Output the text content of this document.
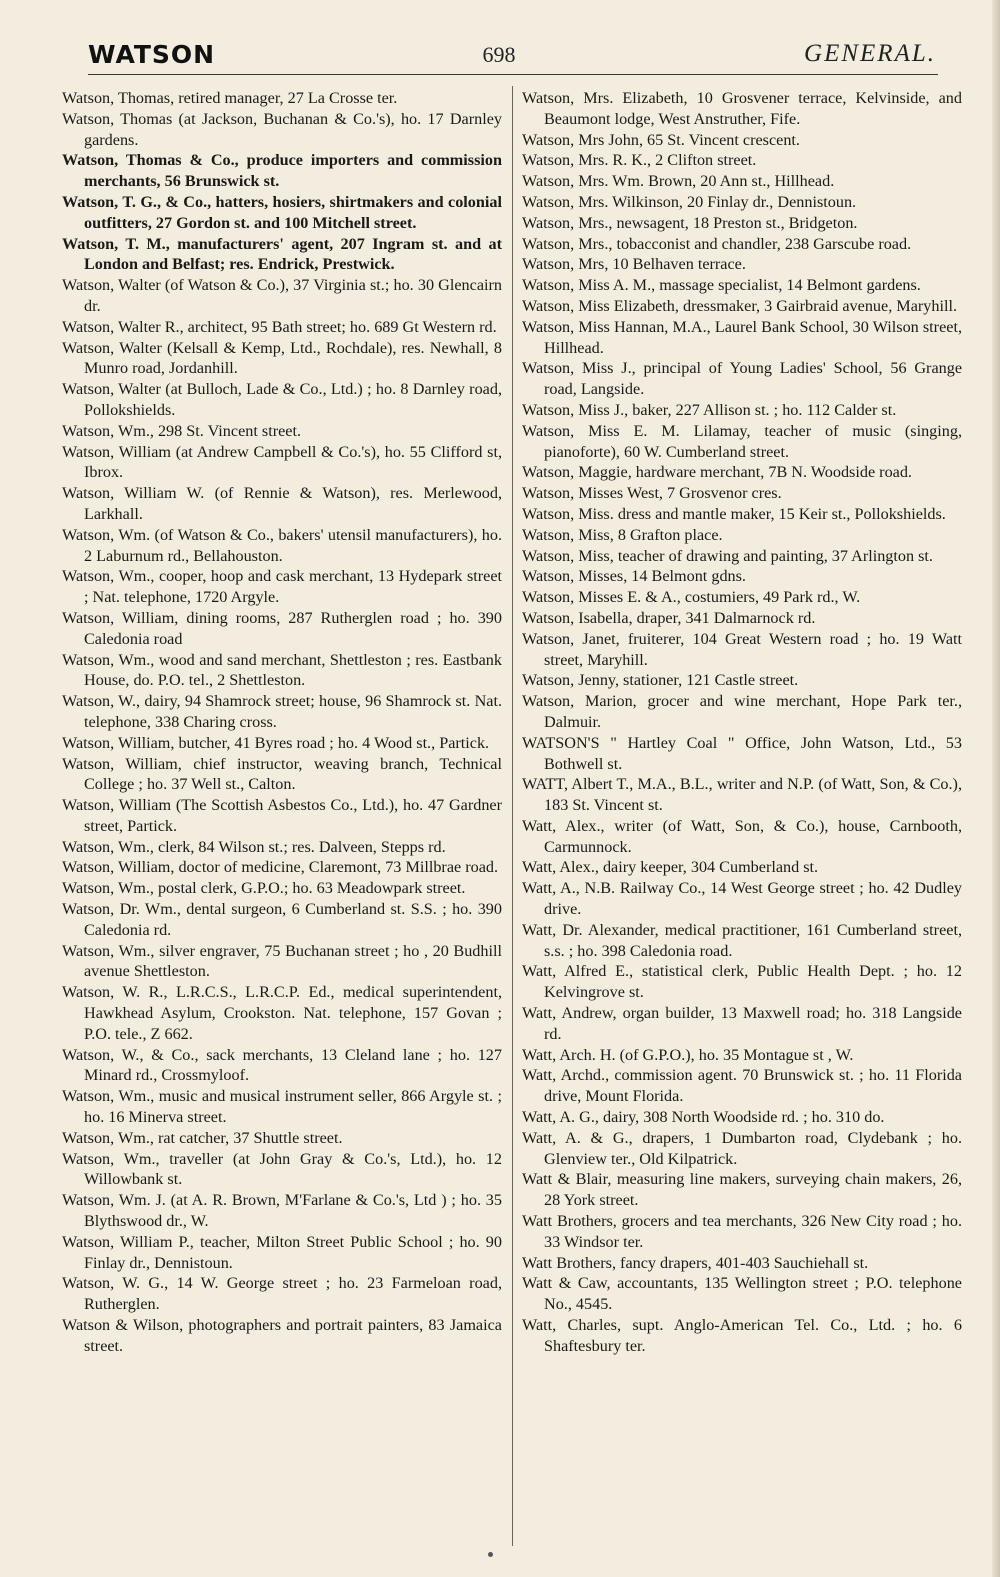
WATSON	698	GENERAL.

Watson, Thomas, retired manager, 27 La Crosse ter.

Watson, Thomas (at Jackson, Buchanan & Co.'s), ho. 17 Darnley gardens.

Watson, Thomas & Co., produce importers and commission merchants, 56 Brunswick st.

Watson, T. G., & Co., hatters, hosiers, shirtmakers and colonial outfitters, 27 Gordon st. and 100 Mitchell street.

Watson, T. M., manufacturers' agent, 207 Ingram st. and at London and Belfast; res. Endrick, Prestwick.

Watson, Walter (of Watson & Co.), 37 Virginia st.; ho. 30 Glencairn dr.

Watson, Walter R., architect, 95 Bath street; ho. 689 Gt Western rd.

Watson, Walter (Kelsall & Kemp, Ltd., Rochdale), res. Newhall, 8 Munro road, Jordanhill.

Watson, Walter (at Bulloch, Lade & Co., Ltd.) ; ho. 8 Darnley road, Pollokshields.

Watson, Wm., 298 St. Vincent street.

Watson, William (at Andrew Campbell & Co.'s), ho. 55 Clifford st, Ibrox.

Watson, William W. (of Rennie & Watson), res. Merlewood, Larkhall.

Watson, Wm. (of Watson & Co., bakers' utensil manufacturers), ho. 2 Laburnum rd., Bellahouston.

Watson, Wm., cooper, hoop and cask merchant, 13 Hydepark street ; Nat. telephone, 1720 Argyle.

Watson, William, dining rooms, 287 Rutherglen road ; ho. 390 Caledonia road

Watson, Wm., wood and sand merchant, Shettleston ; res. Eastbank House, do. P.O. tel., 2 Shettleston.

Watson, W., dairy, 94 Shamrock street; house, 96 Shamrock st. Nat. telephone, 338 Charing cross.

Watson, William, butcher, 41 Byres road ; ho. 4 Wood st., Partick.

Watson, William, chief instructor, weaving branch, Technical College ; ho. 37 Well st., Calton.

Watson, William (The Scottish Asbestos Co., Ltd.), ho. 47 Gardner street, Partick.

Watson, Wm., clerk, 84 Wilson st.; res. Dalveen, Stepps rd.

Watson, William, doctor of medicine, Claremont, 73 Millbrae road.

Watson, Wm., postal clerk, G.P.O.; ho. 63 Meadowpark street.

Watson, Dr. Wm., dental surgeon, 6 Cumberland st. S.S. ; ho. 390 Caledonia rd.

Watson, Wm., silver engraver, 75 Buchanan street ; ho , 20 Budhill avenue Shettleston.

Watson, W. R., L.R.C.S., L.R.C.P. Ed., medical superintendent, Hawkhead Asylum, Crookston. Nat. telephone, 157 Govan ; P.O. tele., Z 662.

Watson, W., & Co., sack merchants, 13 Cleland lane ; ho. 127 Minard rd., Crossmyloof.

Watson, Wm., music and musical instrument seller, 866 Argyle st. ; ho. 16 Minerva street.

Watson, Wm., rat catcher, 37 Shuttle street.

Watson, Wm., traveller (at John Gray & Co.'s, Ltd.), ho. 12 Willowbank st.

Watson, Wm. J. (at A. R. Brown, M'Farlane & Co.'s, Ltd ) ; ho. 35 Blythswood dr., W.

Watson, William P., teacher, Milton Street Public School ; ho. 90 Finlay dr., Dennistoun.

Watson, W. G., 14 W. George street ; ho. 23 Farmeloan road, Rutherglen.

Watson & Wilson, photographers and portrait painters, 83 Jamaica street.

Watson, Mrs. Elizabeth, 10 Grosvener terrace, Kelvinside, and Beaumont lodge, West Anstruther, Fife.

Watson, Mrs John, 65 St. Vincent crescent.

Watson, Mrs. R. K., 2 Clifton street.

Watson, Mrs. Wm. Brown, 20 Ann st., Hillhead.

Watson, Mrs. Wilkinson, 20 Finlay dr., Dennistoun.

Watson, Mrs., newsagent, 18 Preston st., Bridgeton.

Watson, Mrs., tobacconist and chandler, 238 Garscube road.

Watson, Mrs, 10 Belhaven terrace.

Watson, Miss A. M., massage specialist, 14 Belmont gardens.

Watson, Miss Elizabeth, dressmaker, 3 Gairbraid avenue, Maryhill.

Watson, Miss Hannan, M.A., Laurel Bank School, 30 Wilson street, Hillhead.

Watson, Miss J., principal of Young Ladies' School, 56 Grange road, Langside.

Watson, Miss J., baker, 227 Allison st. ; ho. 112 Calder st.

Watson, Miss E. M. Lilamay, teacher of music (singing, pianoforte), 60 W. Cumberland street.

Watson, Maggie, hardware merchant, 7B N. Woodside road.

Watson, Misses West, 7 Grosvenor cres.

Watson, Miss. dress and mantle maker, 15 Keir st., Pollokshields.

Watson, Miss, 8 Grafton place.

Watson, Miss, teacher of drawing and painting, 37 Arlington st.

Watson, Misses, 14 Belmont gdns.

Watson, Misses E. & A., costumiers, 49 Park rd., W.

Watson, Isabella, draper, 341 Dalmarnock rd.

Watson, Janet, fruiterer, 104 Great Western road ; ho. 19 Watt street, Maryhill.

Watson, Jenny, stationer, 121 Castle street.

Watson, Marion, grocer and wine merchant, Hope Park ter., Dalmuir.

WATSON'S " Hartley Coal " Office, John Watson, Ltd., 53 Bothwell st.

WATT, Albert T., M.A., B.L., writer and N.P. (of Watt, Son, & Co.), 183 St. Vincent st.

Watt, Alex., writer (of Watt, Son, & Co.), house, Carnbooth, Carmunnock.

Watt, Alex., dairy keeper, 304 Cumberland st.

Watt, A., N.B. Railway Co., 14 West George street ; ho. 42 Dudley drive.

Watt, Dr. Alexander, medical practitioner, 161 Cumberland street, s.s. ; ho. 398 Caledonia road.

Watt, Alfred E., statistical clerk, Public Health Dept. ; ho. 12 Kelvingrove st.

Watt, Andrew, organ builder, 13 Maxwell road; ho. 318 Langside rd.

Watt, Arch. H. (of G.P.O.), ho. 35 Montague st , W.

Watt, Archd., commission agent. 70 Brunswick st. ; ho. 11 Florida drive, Mount Florida.

Watt, A. G., dairy, 308 North Woodside rd. ; ho. 310 do.

Watt, A. & G., drapers, 1 Dumbarton road, Clydebank ; ho. Glenview ter., Old Kilpatrick.

Watt & Blair, measuring line makers, surveying chain makers, 26, 28 York street.

Watt Brothers, grocers and tea merchants, 326 New City road ; ho. 33 Windsor ter.

Watt Brothers, fancy drapers, 401-403 Sauchiehall st.

Watt & Caw, accountants, 135 Wellington street ; P.O. telephone No., 4545.

Watt, Charles, supt. Anglo-American Tel. Co., Ltd. ; ho. 6 Shaftesbury ter.
